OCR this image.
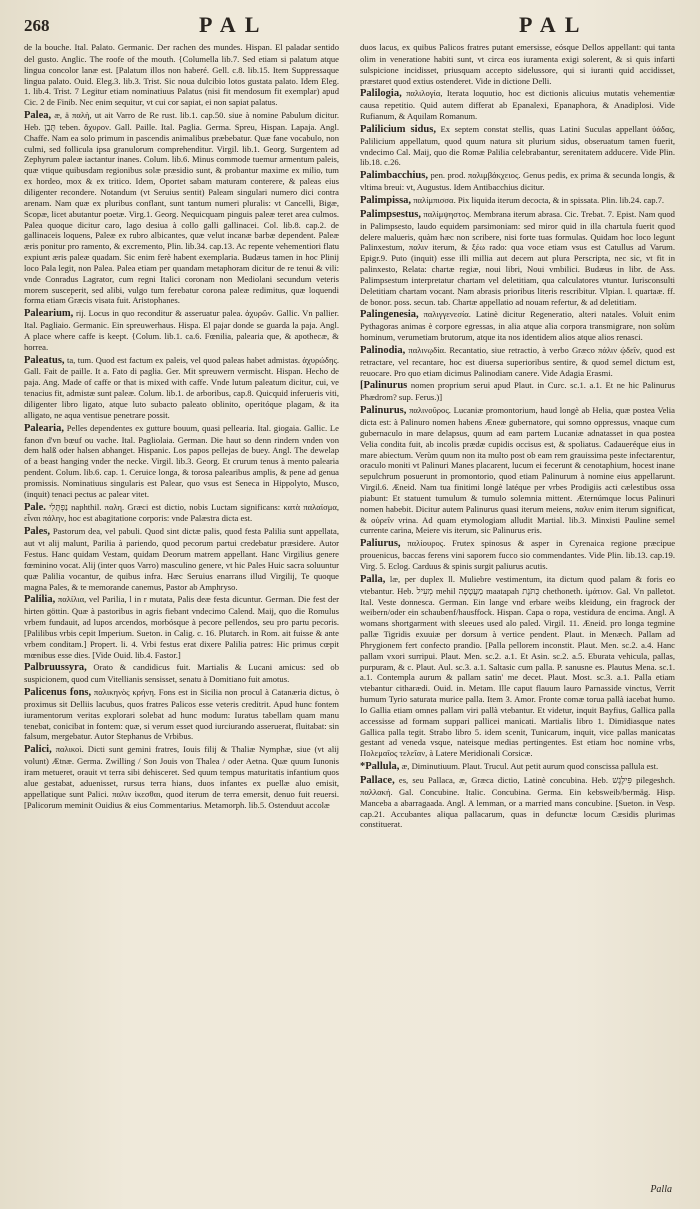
268	PAL	PAL

de la bouche. Ital. Palato. Germanic. Der rachen des mundes. Hispan. El paladar sentido del gusto. Anglic. The roofe of the mouth. {Columella lib.7. Sed etiam si palatum atque lingua concolor lanæ est. [Palatum illos non haberé. Gell. c.8. lib.15. Item Suppressaque lingua palato. Ouid. Eleg.3. lib.3. Trist. Sic noua dulcibio lotos gustata palato. Idem Eleg. 1. lib.4. Trist. 7 Legitur etiam nominatiuus Palatus (nisi fit mendosum fit exemplar) apud Cic. 2 de Finib. Nec enim sequitur, vt cui cor sapiat, ei non sapiat palatus.

Palea, æ, ä παλὴ, ut ait Varro de Re rust. lib.1. cap.50. siue à nomine Pabulum dicitur. Heb. תֶּבֶן teben. ἄχυρον. Gall. Paille. Ital. Paglia. Germa. Spreu, Hispan. Lapaja. Angl. Chaffe. Nam ea solo primum in pascendis animalibus præbebatur. Quæ fane vocabulo, non culmi, sed follicula ipsa granulorum comprehenditur. Virgil. lib.1. Georg. Surgentem ad Zephyrum paleæ iactantur inanes. Colum. lib.6. Minus commode tuemur armentum paleis, quæ vtique quibusdam regionibus solæ præsidio sunt, & probantur maxime ex milio, tum ex hordeo, mox & ex tritico. Idem, Oportet sabam maturam conterere, & paleas eius diligenter recondere. Notandum (vt Seruius sentit) Paleam singulari numero dici contra arenam. Nam quæ ex pluribus conflant, sunt tantum numeri pluralis: vt Cancelli, Bigæ, Scopæ, licet abutantur poetæ. Virg.1. Georg. Nequicquam pinguis paleæ teret area culmos. Palea quoque dicitur caro, lago desiua à collo galli gallinacei. Col. lib.8. cap.2. de gallinaceis loquens, Paleæ ex rubro albicantes, quæ velut incanæ barbæ dependent. Paleæ æris ponitur pro ramento, & excremento, Plin. lib.34. cap.13. Ac repente vehementiori flatu expiunt æris paleæ quadam. Sic enim ferè habent exemplaria. Budæus tamen in hoc Plinij loco Pala legit, non Palea. Palea etiam per quandam metaphoram dicitur de re tenui & vili: vnde Conradus Lagrator, cum regni Italici coronam non Mediolani secundum veteris morem susceperit, sed alibi, vulgo tum ferebatur corona paleæ redimitus, quæ loquendi forma etiam Græcis visata fuit. Aristophanes.

Palearium, rij. Locus in quo reconditur & asseruatur palea. ἀχυρῶν. Gallic. Vn pallier. Ital. Pagliaio. Germanic. Ein spreuwerhaus. Hispa. El pajar donde se guarda la paja. Angl. A place where caffe is keept. {Colum. lib.1. ca.6. Fœnilia, palearia que, & apothecæ, & horrea.

Paleatus, ta, tum. Quod est factum ex paleis, vel quod paleas habet admistas. ἀχυρώδης. Gall. Fait de paille. It a. Fato di paglia. Ger. Mit spreuwern vermischt. Hispan. Hecho de paja. Ang. Made of caffe or that is mixed with caffe. Vnde lutum paleatum dicitur, cui, ve tenacius fit, admistæ sunt paleæ. Colum. lib.1. de arboribus, cap.8. Quicquid inferueris viti, diligenter libro ligato, atque luto subacto paleato oblinito, operitóque plagam, & ita alligato, ne aqua ventisue penetrare possit.

Palearia, Pelles dependentes ex gutture bouum, quasi pellearia. Ital. giogaia. Gallic. Le fanon d'vn bœuf ou vache. Ital. Pagliolaia. German. Die haut so denn rindern vnden von dem halß oder halsen abhanget. Hispanic. Los papos pellejas de buey. Angl. The dewelap of a beast hanging vnder the necke. Virgil. lib.3. Georg. Et crurum tenus à mento palearia pendent. Colum. lib.6. cap. 1. Ceruice longa, & torosa palearibus amplis, & pene ad genua promissis. Nominatiuus singularis est Palear, quo vsus est Seneca in Hippolyto, Musco, (inquit) tenaci pectus ac palear vitet.

Pale. נַפְתָּלִי naphthil. παλη. Græci est dictio, nobis Luctam significans: κατὰ παλαίσμα, εἶναι πάλην, hoc est abagitatione corporis: vnde Palæstra dicta est.

Pales, Pastorum dea, vel pabuli. Quod sint dictæ palis, quod festa Palilia sunt appellata, aut vt alij malunt, Parilia à pariendo, quod pecorum partui credebatur præsidere. Autor Festus. Hanc quidam Vestam, quidam Deorum matrem appellant. Hanc Virgilius genere fœminino vocat. Alij (inter quos Varro) masculino genere, vt hic Pales Huic sacra soluuntur quæ Palilia vocantur, de quibus infra. Hæc Seruius enarrans illud Virgilij, Te quoque magna Pales, & te memorande canemus, Pastor ab Amphryso.

Palilia, παλίλια, vel Parilia, l in r mutata, Palis deæ festa dicuntur. German. Die fest der hirten göttin. Quæ à pastoribus in agris fiebant vndecimo Calend. Maij, quo die Romulus vrbem fundauit, ad lupos arcendos, morbósque à pecore pellendos, seu pro partu pecoris. [Palilibus vrbis cepit Imperium. Sueton. in Calig. c. 16. Plutarch. in Rom. ait fuisse & ante vrbem conditam.] Propert. li. 4. Vrbi festus erat dixere Palilia patres: Hic primus cœpit mœnibus esse dies. [Vide Ouid. lib.4. Fastor.]

Palbruussyra, Orato & candidicus fuit. Martialis & Lucani amicus: sed ob suspicionem, quod cum Vitellianis sensisset, senatu à Domitiano fuit amotus.

Palicenus fons, παλικηνὸς κρήνη. Fons est in Sicilia non procul à Catanæria dictus, ò proximus sit Delliis lacubus, quos fratres Palicos esse veteris creditrit. Apud hunc fontem iuramentorum veritas explorari solebat ad hunc modum: Iuratus tabellam quam manu tenebat, conicibat in fontem: quæ, si verum esset quod iurciurando asseruerat, fluitabat: sin falsum, mergebatur. Autor Stephanus de Vrbibus.

Palici, παλικοὶ. Dicti sunt gemini fratres, Iouis filij & Thaliæ Nymphæ, siue (vt alij volunt) Ætnæ. Germa. Zwilling / Son Jouis von Thalea / oder Aetna. Quæ quum Iunonis iram metueret, orauit vt terra sibi dehisceret. Sed quum tempus maturitatis infantium quos alue gestabat, aduenisset, rursus terra hians, duos infantes ex puellæ aluo emisit, appellatique sunt Palici. παλιν ἱκεσθαι, quod iterum de terra emersit, denuo fuit reuersi. [Palicorum meminit Ouidius & eius Commentarius. Metamorph. lib.5. Ostenduut accolæ

duos lacus, ex quibus Palicos fratres putant emersisse, eósque Dellos appellant: qui tanta olim in veneratione habiti sunt, vt circa eos iuramenta exigi solerent, & si quis infarti sulspicione incidisset, priusquam accepto sidelussore, qui si iuranti quid accidisset, præstaret quod extius ostenderet. Vide in dictione Delli.

Palilogia, παλιλογία, Iterata loquutio, hoc est dictionis alicuius mutatis vehementiæ causa repetitio. Quid autem differat ab Epanalexi, Epanaphora, & Anadiplosi. Vide Rufianum, & Aquilam Romanum.

Palilicium sidus, Ex septem constat stellis, quas Latini Suculas appellant ὑάδας, Palilicium appellatum, quod quum natura sit plurium sidus, obseruatum tamen fuerit, vndecimo Cal. Maij, quo die Romæ Palilia celebrabantur, serenitatem adducere. Vide Plin. lib.18. c.26.

Palimbacchius, pen. prod. παλιμβάκχειος. Genus pedis, ex prima & secunda longis, & vltima breui: vt, Augustus. Idem Antibacchius dicitur.

Palimpissa, παλίμπισσα. Pix liquida iterum decocta, & in spissata. Plin. lib.24. cap.7.

Palimpsestus, παλίμψηστος. Membrana iterum abrasa. Cic. Trebat. 7. Epist. Nam quod in Palimpsesto, laudo equidem parsimoniam: sed miror quid in illa chartula fuerit quod delere malueris, quàm hæc non scribere, nisi forte tuas formulas. Quidam hoc loco legunt Palinxestum, παλιν iterum, & ξέω rado: qua voce etiam vsus est Catullus ad Varum. Epigr.9. Puto (inquit) esse illi millia aut decem aut plura Perscripta, nec sic, vt fit in palinxesto, Relata: chartæ regiæ, noui libri, Noui vmbilici. Budæus in libr. de Ass. Palimpsestum interpretatur chartam vel deletitiam, qua calculatores vtuntur. Iurisconsulti Deletitiam chartam vocant. Nam abrasis prioribus literis rescribitur. Vlpian. l. quartaæ. ff. de bonor. poss. secun. tab. Chartæ appellatio ad nouam refertur, & ad deletitiam.

Palingenesia, παλιγγενεσία. Latinè dicitur Regeneratio, alteri natales. Voluit enim Pythagoras animas è corpore egressas, in alia atque alia corpora transmigrare, non solùm hominum, verumetiam brutorum, atque ita nos identidem alios atque alios renasci.

Palinodia, παλινῳδία. Recantatio, siue retractio, à verbo Græco πάλιν ᾠδεῖν, quod est retractare, vel recantare, hoc est diuersa superioribus sentire, & quod semel dictum est, reuocare. Pro quo etiam dicimus Palinodiam canere. Vide Adagia Erasmi.

[Palinurus nomen proprium serui apud Plaut. in Curc. sc.1. a.1. Et ne hic Palinurus Phædrom? sup. Ferus.)]

Palinurus, παλινοῦρος. Lucaniæ promontorium, haud longè ab Helia, quæ postea Velia dicta est: à Palinuro nomen habens Æneæ gubernatore, qui somno oppressus, vnaque cum gubernaculo in mare delapsus, quum ad eam partem Lucaniæ adnatasset in qua postea Velia condita fuit, ab incolis prædæ cupidis occisus est, & spoliatus. Cadaueréque eius in mare abiectum. Verùm quum non ita multo post ob eam rem grauissima peste infectarentur, oraculo moniti vt Palinuri Manes placarent, lucum ei fecerunt & cenotaphium, hocest inane sepulchrum posuerunt in promontorio, quod etiam Palinurum à nomine eius appellarunt. Virgil.6. Æneid. Nam tua finitimi longè latéque per vrbes Prodigiis acti cælestibus ossa piabunt: Et statuent tumulum & tumulo solemnia mittent. Æternúmque locus Palinuri nomen habebit. Dicitur autem Palinurus quasi iterum meiens, παλιν enim iterum significat, & οὐρεῖν vrina. Ad quam etymologiam alludit Martial. lib.3. Minxisti Pauline semel currente carina, Meiere vis iterum, sic Palinurus eris.

Paliurus, παλίουρος. Frutex spinosus & asper in Cyrenaica regione præcipue prouenicus, baccas ferens vini saporem fucco sio commendantes. Vide Plin. lib.13. cap.19. Virg. 5. Eclog. Carduus & spinis surgit paliurus acutis.

Palla, læ, per duplex ll. Muliebre vestimentum, ita dictum quod palam & foris eo vtebantur. Heb. מְעִיל mehil מַעֲטָפָה maatapah כֻּתֹּנֶת chethoneth. ἱμάτιον. Gal. Vn palletot. Ital. Veste donnesca. German. Ein lange vnd erbare weibs kleidung, ein fragrock der weibern/oder ein schaubenf/hausffock. Hispan. Capa o ropa, vestidura de encima. Angl. A womans shortgarment with sleeues used alo paled. Virgil. 11. Æneid. pro longa tegmine pallæ Tigridis exuuiæ per dorsum à vertice pendent. Plaut. in Menæch. Pallam ad Phrygionem fert confecto prandio. [Palla pellorem inconstit. Plaut. Men. sc.2. a.4. Hanc pallam vxori surripui. Plaut. Men. sc.2. a.1. Et Asin. sc.2. a.5. Eburata vehicula, pallas, purpuram, & c. Plaut. Aul. sc.3. a.1. Saltasic cum palla. P. sanusne es. Plautus Mena. sc.1. a.1. Contempla aurum & pallam satin' me decet. Plaut. Most. sc.3. a.1. Palla etiam vtebantur citharædi. Ouid. in. Metam. Ille caput flauum lauro Parnasside vinctus, Verrit humum Tyrio saturata murice palla. Item 3. Amor. Fronte comæ torua pallà iacebat humo. Io Gallia etiam omnes pallam viri pallà vtebantur. Et videtur, inquit Bayfius, Gallica palla accessisse ad formam suppari pallicei manicati. Martialis libro 1. Dimidiasque nates Gallica palla tegit. Strabo libro 5. idem scenit, Tunicarum, inquit, vice pallas manicatas gestant ad veneda vsque, nateisque medias pertingentes. Est etiam hoc nomine vrbs, Πολεμαῖος τελεῖαν, à Latere Meridionali Corsicæ.

*Pallula, æ, Diminutiuum. Plaut. Trucul. Aut petit aurum quod conscissa pallula est.

Pallace, es, seu Pallaca, æ, Græca dictio, Latinè concubina. Heb. פִּילֶגֶשׁ pilegeshch. παλλακή. Gal. Concubine. Italic. Concubina. Germa. Ein kebsweib/bermäg. Hisp. Manceba a abarragaada. Angl. A lemman, or a married mans concubine. [Sueton. in Vesp. cap.21. Accubantes aliqua pallacarum, quas in defunctæ locum Cæsidis plurimas constituerat.

Palla
